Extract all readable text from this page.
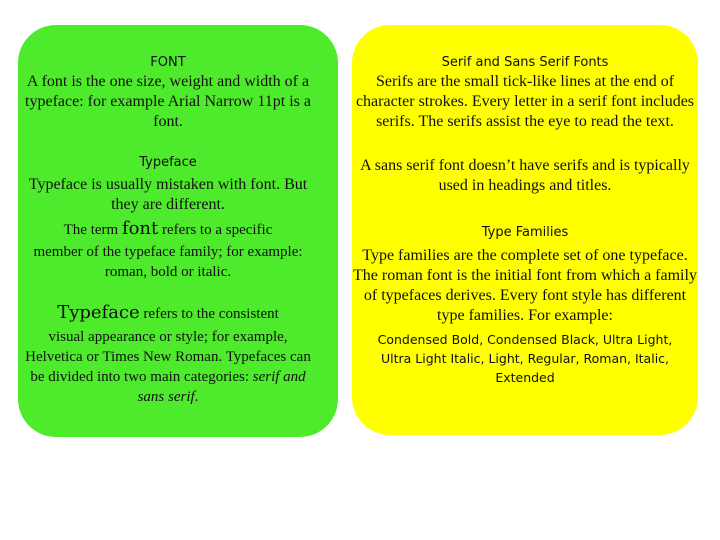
FONT
A font is the one size, weight and width of a typeface: for example Arial Narrow 11pt is a font.
Typeface
Typeface is usually mistaken with font. But they are different.
The term font refers to a specific
member of the typeface family; for example: roman, bold or italic.
Typeface refers to the consistent
visual appearance or style; for example, Helvetica or Times New Roman. Typefaces can be divided into two main categories: serif and sans serif.
Serif and Sans Serif Fonts
Serifs are the small tick-like lines at the end of character strokes. Every letter in a serif font includes serifs. The serifs assist the eye to read the text.
A sans serif font doesn’t have serifs and is typically used in headings and titles.
Type Families
Type families are the complete set of one typeface. The roman font is the initial font from which a family of typefaces derives. Every font style has different type families. For example:
Condensed Bold, Condensed Black, Ultra Light, Ultra Light Italic, Light, Regular, Roman, Italic, Extended
